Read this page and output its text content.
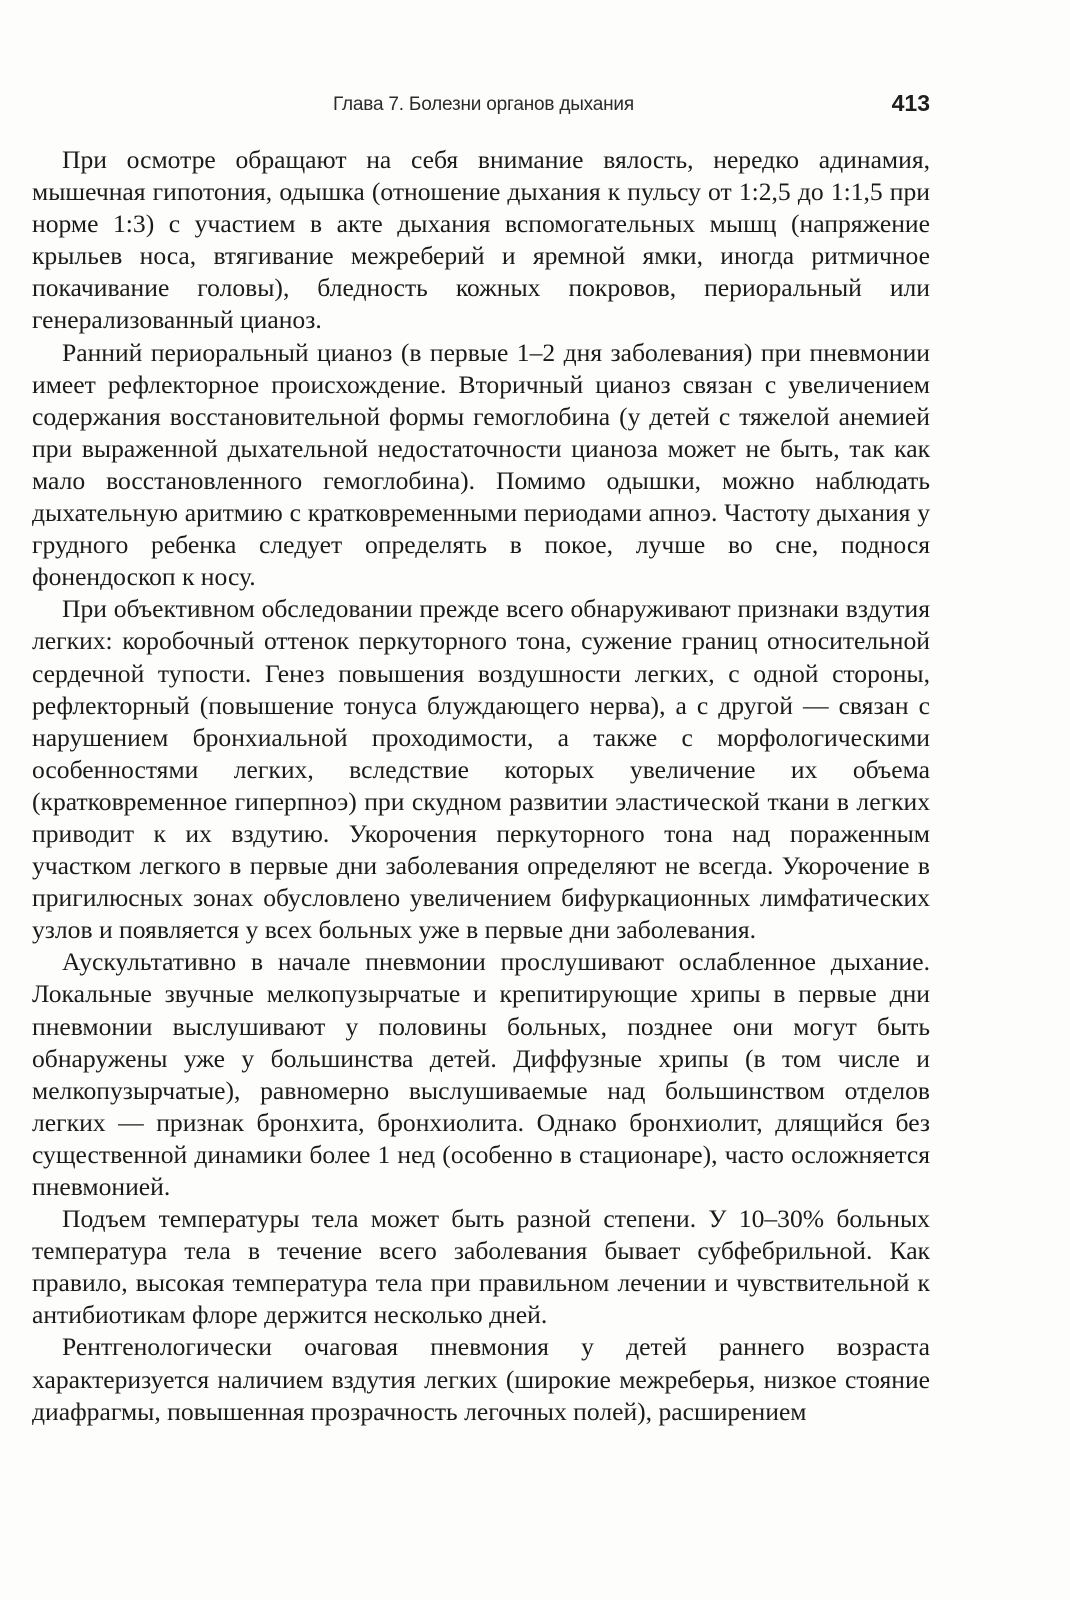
Глава 7. Болезни органов дыхания	413

При осмотре обращают на себя внимание вялость, нередко адинамия, мышечная гипотония, одышка (отношение дыхания к пульсу от 1:2,5 до 1:1,5 при норме 1:3) с участием в акте дыхания вспомогательных мышц (напряжение крыльев носа, втягивание межреберий и яремной ямки, иногда ритмичное покачивание головы), бледность кожных покровов, периоральный или генерализованный цианоз.

Ранний периоральный цианоз (в первые 1–2 дня заболевания) при пневмонии имеет рефлекторное происхождение. Вторичный цианоз связан с увеличением содержания восстановительной формы гемоглобина (у детей с тяжелой анемией при выраженной дыхательной недостаточности цианоза может не быть, так как мало восстановленного гемоглобина). Помимо одышки, можно наблюдать дыхательную аритмию с кратковременными периодами апноэ. Частоту дыхания у грудного ребенка следует определять в покое, лучше во сне, поднося фонендоскоп к носу.

При объективном обследовании прежде всего обнаруживают признаки вздутия легких: коробочный оттенок перкуторного тона, сужение границ относительной сердечной тупости. Генез повышения воздушности легких, с одной стороны, рефлекторный (повышение тонуса блуждающего нерва), а с другой — связан с нарушением бронхиальной проходимости, а также с морфологическими особенностями легких, вследствие которых увеличение их объема (кратковременное гиперпноэ) при скудном развитии эластической ткани в легких приводит к их вздутию. Укорочения перкуторного тона над пораженным участком легкого в первые дни заболевания определяют не всегда. Укорочение в пригилюсных зонах обусловлено увеличением бифуркационных лимфатических узлов и появляется у всех больных уже в первые дни заболевания.

Аускультативно в начале пневмонии прослушивают ослабленное дыхание. Локальные звучные мелкопузырчатые и крепитирующие хрипы в первые дни пневмонии выслушивают у половины больных, позднее они могут быть обнаружены уже у большинства детей. Диффузные хрипы (в том числе и мелкопузырчатые), равномерно выслушиваемые над большинством отделов легких — признак бронхита, бронхиолита. Однако бронхиолит, длящийся без существенной динамики более 1 нед (особенно в стационаре), часто осложняется пневмонией.

Подъем температуры тела может быть разной степени. У 10–30% больных температура тела в течение всего заболевания бывает субфебрильной. Как правило, высокая температура тела при правильном лечении и чувствительной к антибиотикам флоре держится несколько дней.

Рентгенологически очаговая пневмония у детей раннего возраста характеризуется наличием вздутия легких (широкие межреберья, низкое стояние диафрагмы, повышенная прозрачность легочных полей), расширением
